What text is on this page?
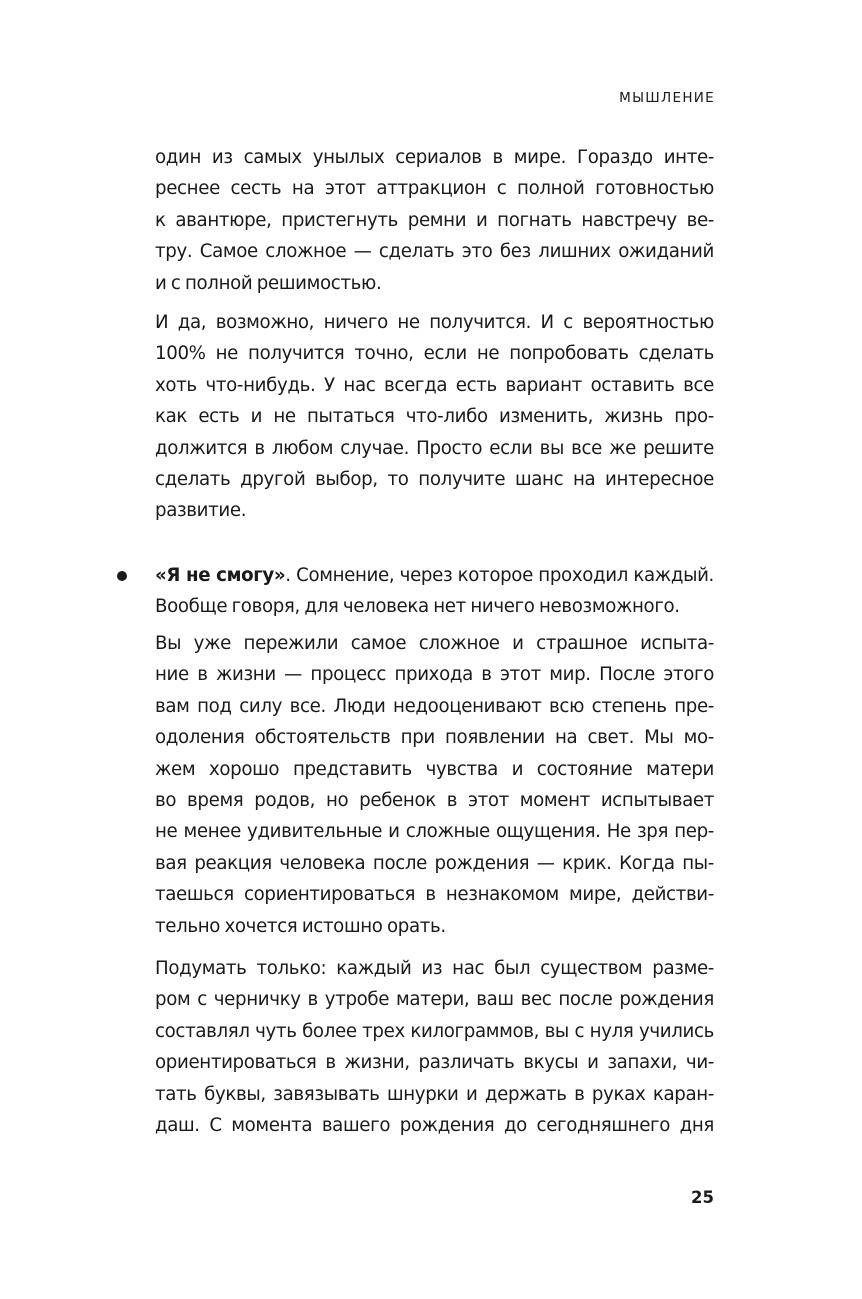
МЫШЛЕНИЕ
один из самых унылых сериалов в мире. Гораздо инте-
реснее сесть на этот аттракцион с полной готовностью
к авантюре, пристегнуть ремни и погнать навстречу ве-
тру. Самое сложное — сделать это без лишних ожиданий
и с полной решимостью.
И да, возможно, ничего не получится. И с вероятностью
100% не получится точно, если не попробовать сделать
хоть что-нибудь. У нас всегда есть вариант оставить все
как есть и не пытаться что-либо изменить, жизнь про-
должится в любом случае. Просто если вы все же решите
сделать другой выбор, то получите шанс на интересное
развитие.
«Я не смогу». Сомнение, через которое проходил каждый.
Вообще говоря, для человека нет ничего невозможного.
Вы уже пережили самое сложное и страшное испыта-
ние в жизни — процесс прихода в этот мир. После этого
вам под силу все. Люди недооценивают всю степень пре-
одоления обстоятельств при появлении на свет. Мы мо-
жем хорошо представить чувства и состояние матери
во время родов, но ребенок в этот момент испытывает
не менее удивительные и сложные ощущения. Не зря пер-
вая реакция человека после рождения — крик. Когда пы-
таешься сориентироваться в незнакомом мире, действи-
тельно хочется истошно орать.
Подумать только: каждый из нас был существом разме-
ром с черничку в утробе матери, ваш вес после рождения
составлял чуть более трех килограммов, вы с нуля учились
ориентироваться в жизни, различать вкусы и запахи, чи-
тать буквы, завязывать шнурки и держать в руках каран-
даш. С момента вашего рождения до сегодняшнего дня
25
